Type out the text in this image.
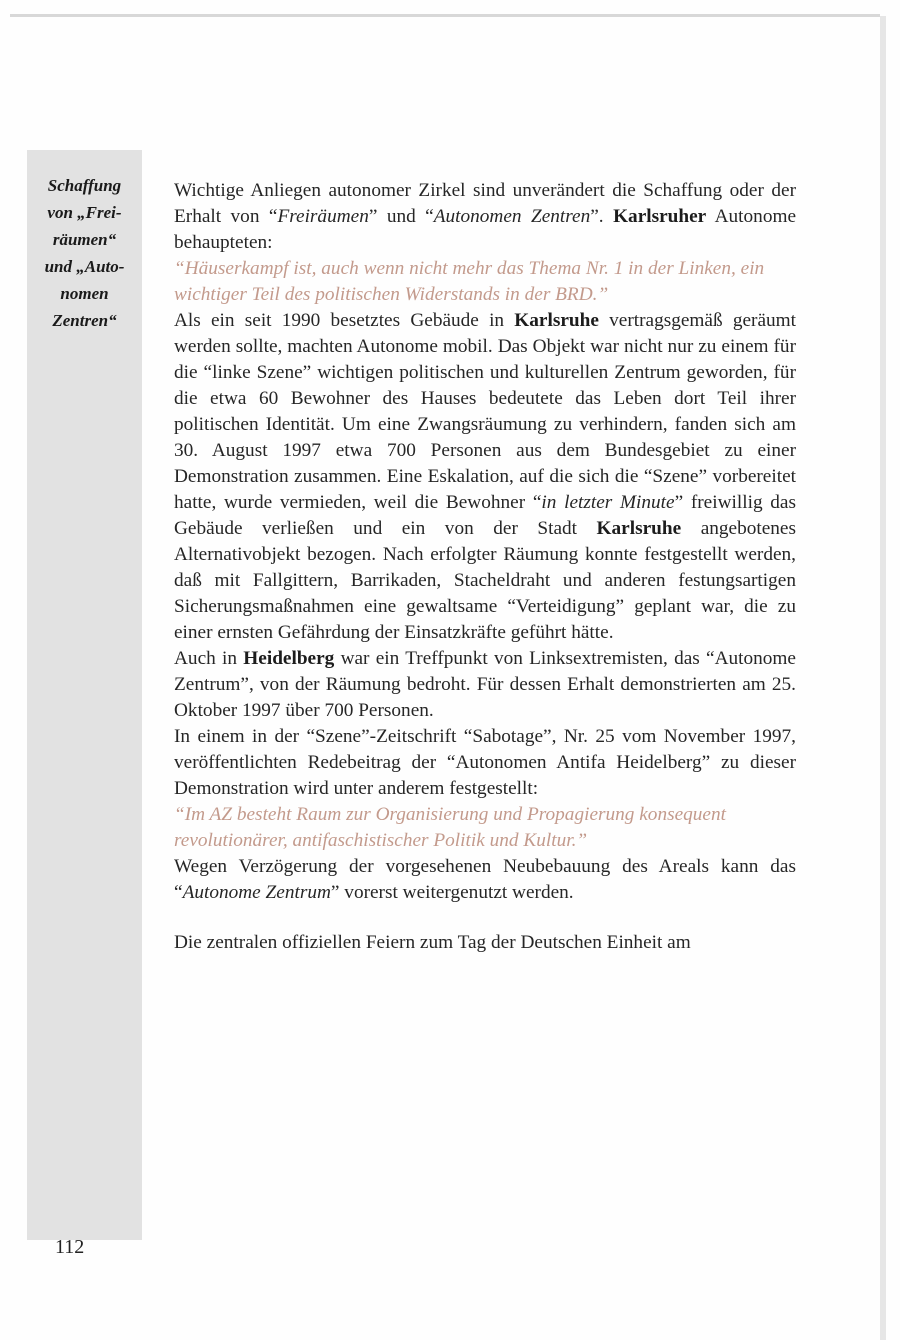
Schaffung
von „Frei-
räumen“
und „Auto-
nomen
Zentren“

Wichtige Anliegen autonomer Zirkel sind unverändert die Schaffung oder der Erhalt von “Freiräumen” und “Autonomen Zentren”. Karlsruher Autonome behaupteten:

“Häuserkampf ist, auch wenn nicht mehr das Thema Nr. 1 in der Linken, ein wichtiger Teil des politischen Widerstands in der BRD.”

Als ein seit 1990 besetztes Gebäude in Karlsruhe vertragsgemäß geräumt werden sollte, machten Autonome mobil. Das Objekt war nicht nur zu einem für die “linke Szene” wichtigen politischen und kulturellen Zentrum geworden, für die etwa 60 Bewohner des Hauses bedeutete das Leben dort Teil ihrer politischen Identität. Um eine Zwangsräumung zu verhindern, fanden sich am 30. August 1997 etwa 700 Personen aus dem Bundesgebiet zu einer Demonstration zusammen. Eine Eskalation, auf die sich die “Szene” vorbereitet hatte, wurde vermieden, weil die Bewohner “in letzter Minute” freiwillig das Gebäude verließen und ein von der Stadt Karlsruhe angebotenes Alternativobjekt bezogen. Nach erfolgter Räumung konnte festgestellt werden, daß mit Fallgittern, Barrikaden, Stacheldraht und anderen festungsartigen Sicherungsmaßnahmen eine gewaltsame “Verteidigung” geplant war, die zu einer ernsten Gefährdung der Einsatzkräfte geführt hätte.

Auch in Heidelberg war ein Treffpunkt von Linksextremisten, das “Autonome Zentrum”, von der Räumung bedroht. Für dessen Erhalt demonstrierten am 25. Oktober 1997 über 700 Personen.

In einem in der “Szene”-Zeitschrift “Sabotage”, Nr. 25 vom November 1997, veröffentlichten Redebeitrag der “Autonomen Antifa Heidelberg” zu dieser Demonstration wird unter anderem festgestellt:

“Im AZ besteht Raum zur Organisierung und Propagierung konsequent revolutionärer, antifaschistischer Politik und Kultur.”

Wegen Verzögerung der vorgesehenen Neubebauung des Areals kann das “Autonome Zentrum” vorerst weitergenutzt werden.

Die zentralen offiziellen Feiern zum Tag der Deutschen Einheit am

112
